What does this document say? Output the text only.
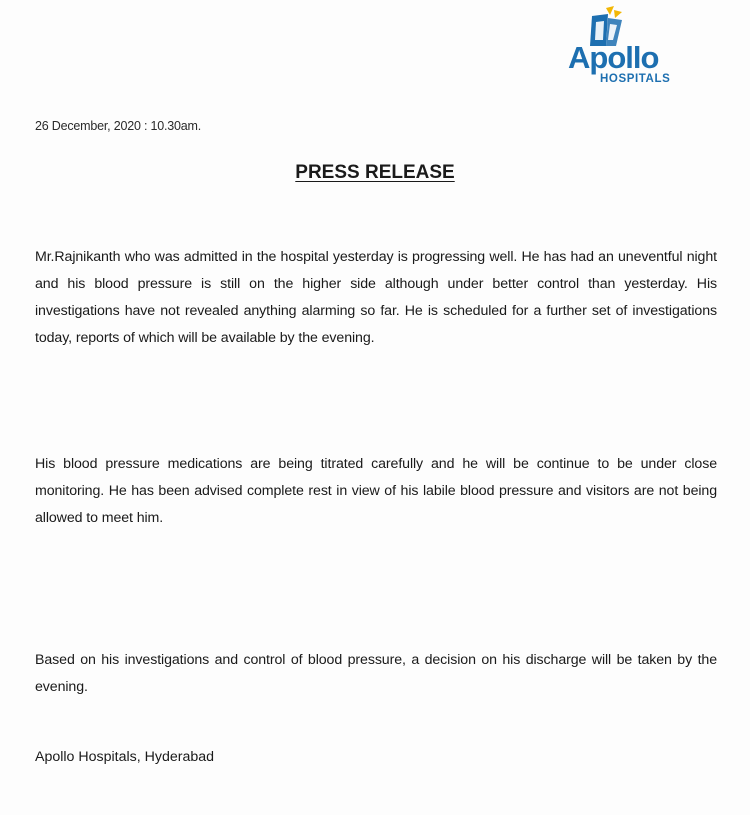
Apollo
HOSPITALS
26 December, 2020 : 10.30am.
PRESS RELEASE

Mr.Rajnikanth who was admitted in the hospital yesterday is progressing well. He has had an uneventful night and his blood pressure is still on the higher side although under better control than yesterday. His investigations have not revealed anything alarming so far. He is scheduled for a further set of investigations today, reports of which will be available by the evening.

His blood pressure medications are being titrated carefully and he will be continue to be under close monitoring. He has been advised complete rest in view of his labile blood pressure and visitors are not being allowed to meet him.

Based on his investigations and control of blood pressure, a decision on his discharge will be taken by the evening.

Apollo Hospitals, Hyderabad
